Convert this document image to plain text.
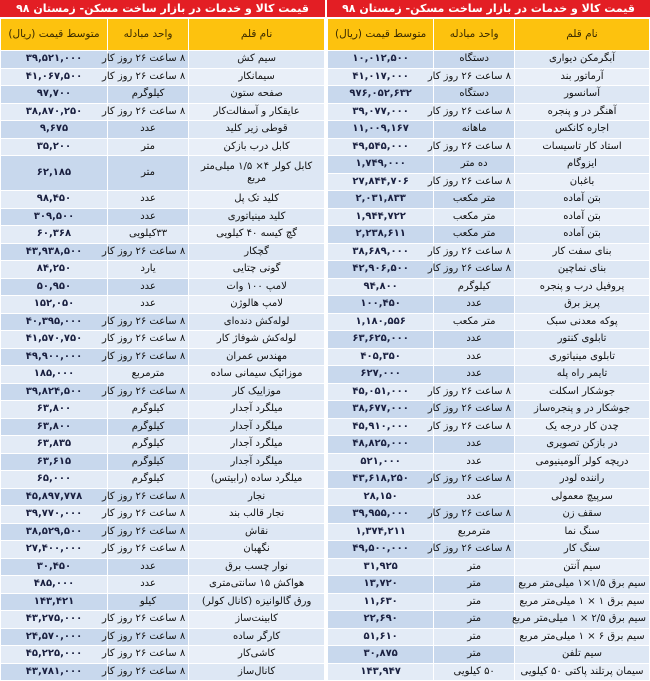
قیمت کالا و خدمات در بازار ساخت مسکن- زمستان ۹۸
نام قلم	واحد مبادله	متوسط قیمت (ریال)
سیم کش	۸ ساعت ۲۶ روز کار	۳۹,۵۲۱,۰۰۰
سیمانکار	۸ ساعت ۲۶ روز کار	۴۱,۰۶۷,۵۰۰
صفحه ستون	کیلوگرم	۹۷,۷۰۰
عایقکار و آسفالت‌کار	۸ ساعت ۲۶ روز کار	۳۸,۸۷۰,۲۵۰
قوطی زیر کلید	عدد	۹,۶۷۵
کابل درب بازکن	متر	۳۵,۲۰۰
کابل کولر ۴× ۱/۵ میلی‌متر مربع	متر	۶۲,۱۸۵
کلید تک پل	عدد	۹۸,۴۵۰
کلید مینیاتوری	عدد	۳۰۹,۵۰۰
گچ کیسه ۴۰ کیلویی	۳۳کیلویی	۶۰,۳۶۸
گچکار	۸ ساعت ۲۶ روز کار	۴۳,۹۳۸,۵۰۰
گونی چتایی	یارد	۸۴,۲۵۰
لامپ ۱۰۰ وات	عدد	۵۰,۹۵۰
لامپ هالوژن	عدد	۱۵۲,۰۵۰
لوله‌کش دنده‌ای	۸ ساعت ۲۶ روز کار	۴۰,۳۹۵,۰۰۰
لوله‌کش شوفاژ کار	۸ ساعت ۲۶ روز کار	۴۱,۵۷۰,۷۵۰
مهندس عمران	۸ ساعت ۲۶ روز کار	۴۹,۹۰۰,۰۰۰
موزائیک سیمانی ساده	مترمربع	۱۸۵,۰۰۰
موزاییک کار	۸ ساعت ۲۶ روز کار	۳۹,۸۲۴,۵۰۰
میلگرد آجدار	کیلوگرم	۶۳,۸۰۰
میلگرد آجدار	کیلوگرم	۶۳,۸۰۰
میلگرد آجدار	کیلوگرم	۶۳,۸۳۵
میلگرد آجدار	کیلوگرم	۶۳,۶۱۵
میلگرد ساده (رابیتس)	کیلوگرم	۶۵,۰۰۰
نجار	۸ ساعت ۲۶ روز کار	۴۵,۸۹۷,۷۷۸
نجار قالب بند	۸ ساعت ۲۶ روز کار	۳۹,۷۷۰,۰۰۰
نقاش	۸ ساعت ۲۶ روز کار	۳۸,۵۲۹,۵۰۰
نگهبان	۸ ساعت ۲۶ روز کار	۲۷,۴۰۰,۰۰۰
نوار چسب برق	عدد	۳۰,۴۵۰
هواکش ۱۵ سانتی‌متری	عدد	۴۸۵,۰۰۰
ورق گالوانیزه (کانال کولر)	کیلو	۱۴۳,۴۲۱
کابینت‌ساز	۸ ساعت ۲۶ روز کار	۴۳,۲۷۵,۰۰۰
کارگر ساده	۸ ساعت ۲۶ روز کار	۲۴,۵۷۰,۰۰۰
کاشی‌کار	۸ ساعت ۲۶ روز کار	۴۵,۲۲۵,۰۰۰
کانال‌ساز	۸ ساعت ۲۶ روز کار	۴۳,۷۸۱,۰۰۰
قیمت کالا و خدمات در بازار ساخت مسکن- زمستان ۹۸
نام قلم	واحد مبادله	متوسط قیمت (ریال)
آبگرمکن دیواری	دستگاه	۱۰,۰۱۲,۵۰۰
آرماتور بند	۸ ساعت ۲۶ روز کار	۴۱,۰۱۷,۰۰۰
آسانسور	دستگاه	۹۷۶,۰۵۲,۶۳۲
آهنگر در و پنجره	۸ ساعت ۲۶ روز کار	۳۹,۰۷۷,۰۰۰
اجاره کانکس	ماهانه	۱۱,۰۰۹,۱۶۷
استاد کار تاسیسات	۸ ساعت ۲۶ روز کار	۴۹,۵۴۵,۰۰۰
ایزوگام	ده متر	۱,۷۴۹,۰۰۰
باغبان	۸ ساعت ۲۶ روز کار	۲۷,۸۴۴,۷۰۶
بتن آماده	متر مکعب	۲,۰۳۱,۸۳۳
بتن آماده	متر مکعب	۱,۹۴۴,۷۲۲
بتن آماده	متر مکعب	۲,۲۳۸,۶۱۱
بنای سفت کار	۸ ساعت ۲۶ روز کار	۳۸,۶۸۹,۰۰۰
بنای نماچین	۸ ساعت ۲۶ روز کار	۴۲,۹۰۶,۵۰۰
پروفیل درب و پنجره	کیلوگرم	۹۴,۸۰۰
پریز برق	عدد	۱۰۰,۴۵۰
پوکه معدنی سبک	متر مکعب	۱,۱۸۰,۵۵۶
تابلوی کنتور	عدد	۶۳,۶۲۵,۰۰۰
تابلوی مینیاتوری	عدد	۴۰۵,۳۵۰
تایمر راه پله	عدد	۶۲۷,۰۰۰
جوشکار اسکلت	۸ ساعت ۲۶ روز کار	۴۵,۰۵۱,۰۰۰
جوشکار در و پنجره‌ساز	۸ ساعت ۲۶ روز کار	۳۸,۶۷۷,۰۰۰
چدن کار درجه یک	۸ ساعت ۲۶ روز کار	۴۵,۹۱۰,۰۰۰
در بازکن تصویری	عدد	۴۸,۸۲۵,۰۰۰
دریچه کولر آلومینیومی	عدد	۵۲۱,۰۰۰
راننده لودر	۸ ساعت ۲۶ روز کار	۴۳,۶۱۸,۲۵۰
سرپیچ معمولی	عدد	۲۸,۱۵۰
سقف زن	۸ ساعت ۲۶ روز کار	۳۹,۹۵۵,۰۰۰
سنگ نما	مترمربع	۱,۳۷۴,۲۱۱
سنگ کار	۸ ساعت ۲۶ روز کار	۴۹,۵۰۰,۰۰۰
سیم آنتن	متر	۳۱,۹۲۵
سیم برق ۱/۵×۱ میلی‌متر مربع	متر	۱۳,۷۲۰
سیم برق ۱ × ۱ میلی‌متر مربع	متر	۱۱,۶۳۰
سیم برق ۲/۵ × ۱ میلی‌متر مربع	متر	۲۲,۶۹۰
سیم برق ۶ × ۱ میلی‌متر مربع	متر	۵۱,۶۱۰
سیم تلفن	متر	۳۰,۸۷۵
سیمان پرتلند پاکتی ۵۰ کیلویی	۵۰ کیلویی	۱۴۳,۹۴۷
